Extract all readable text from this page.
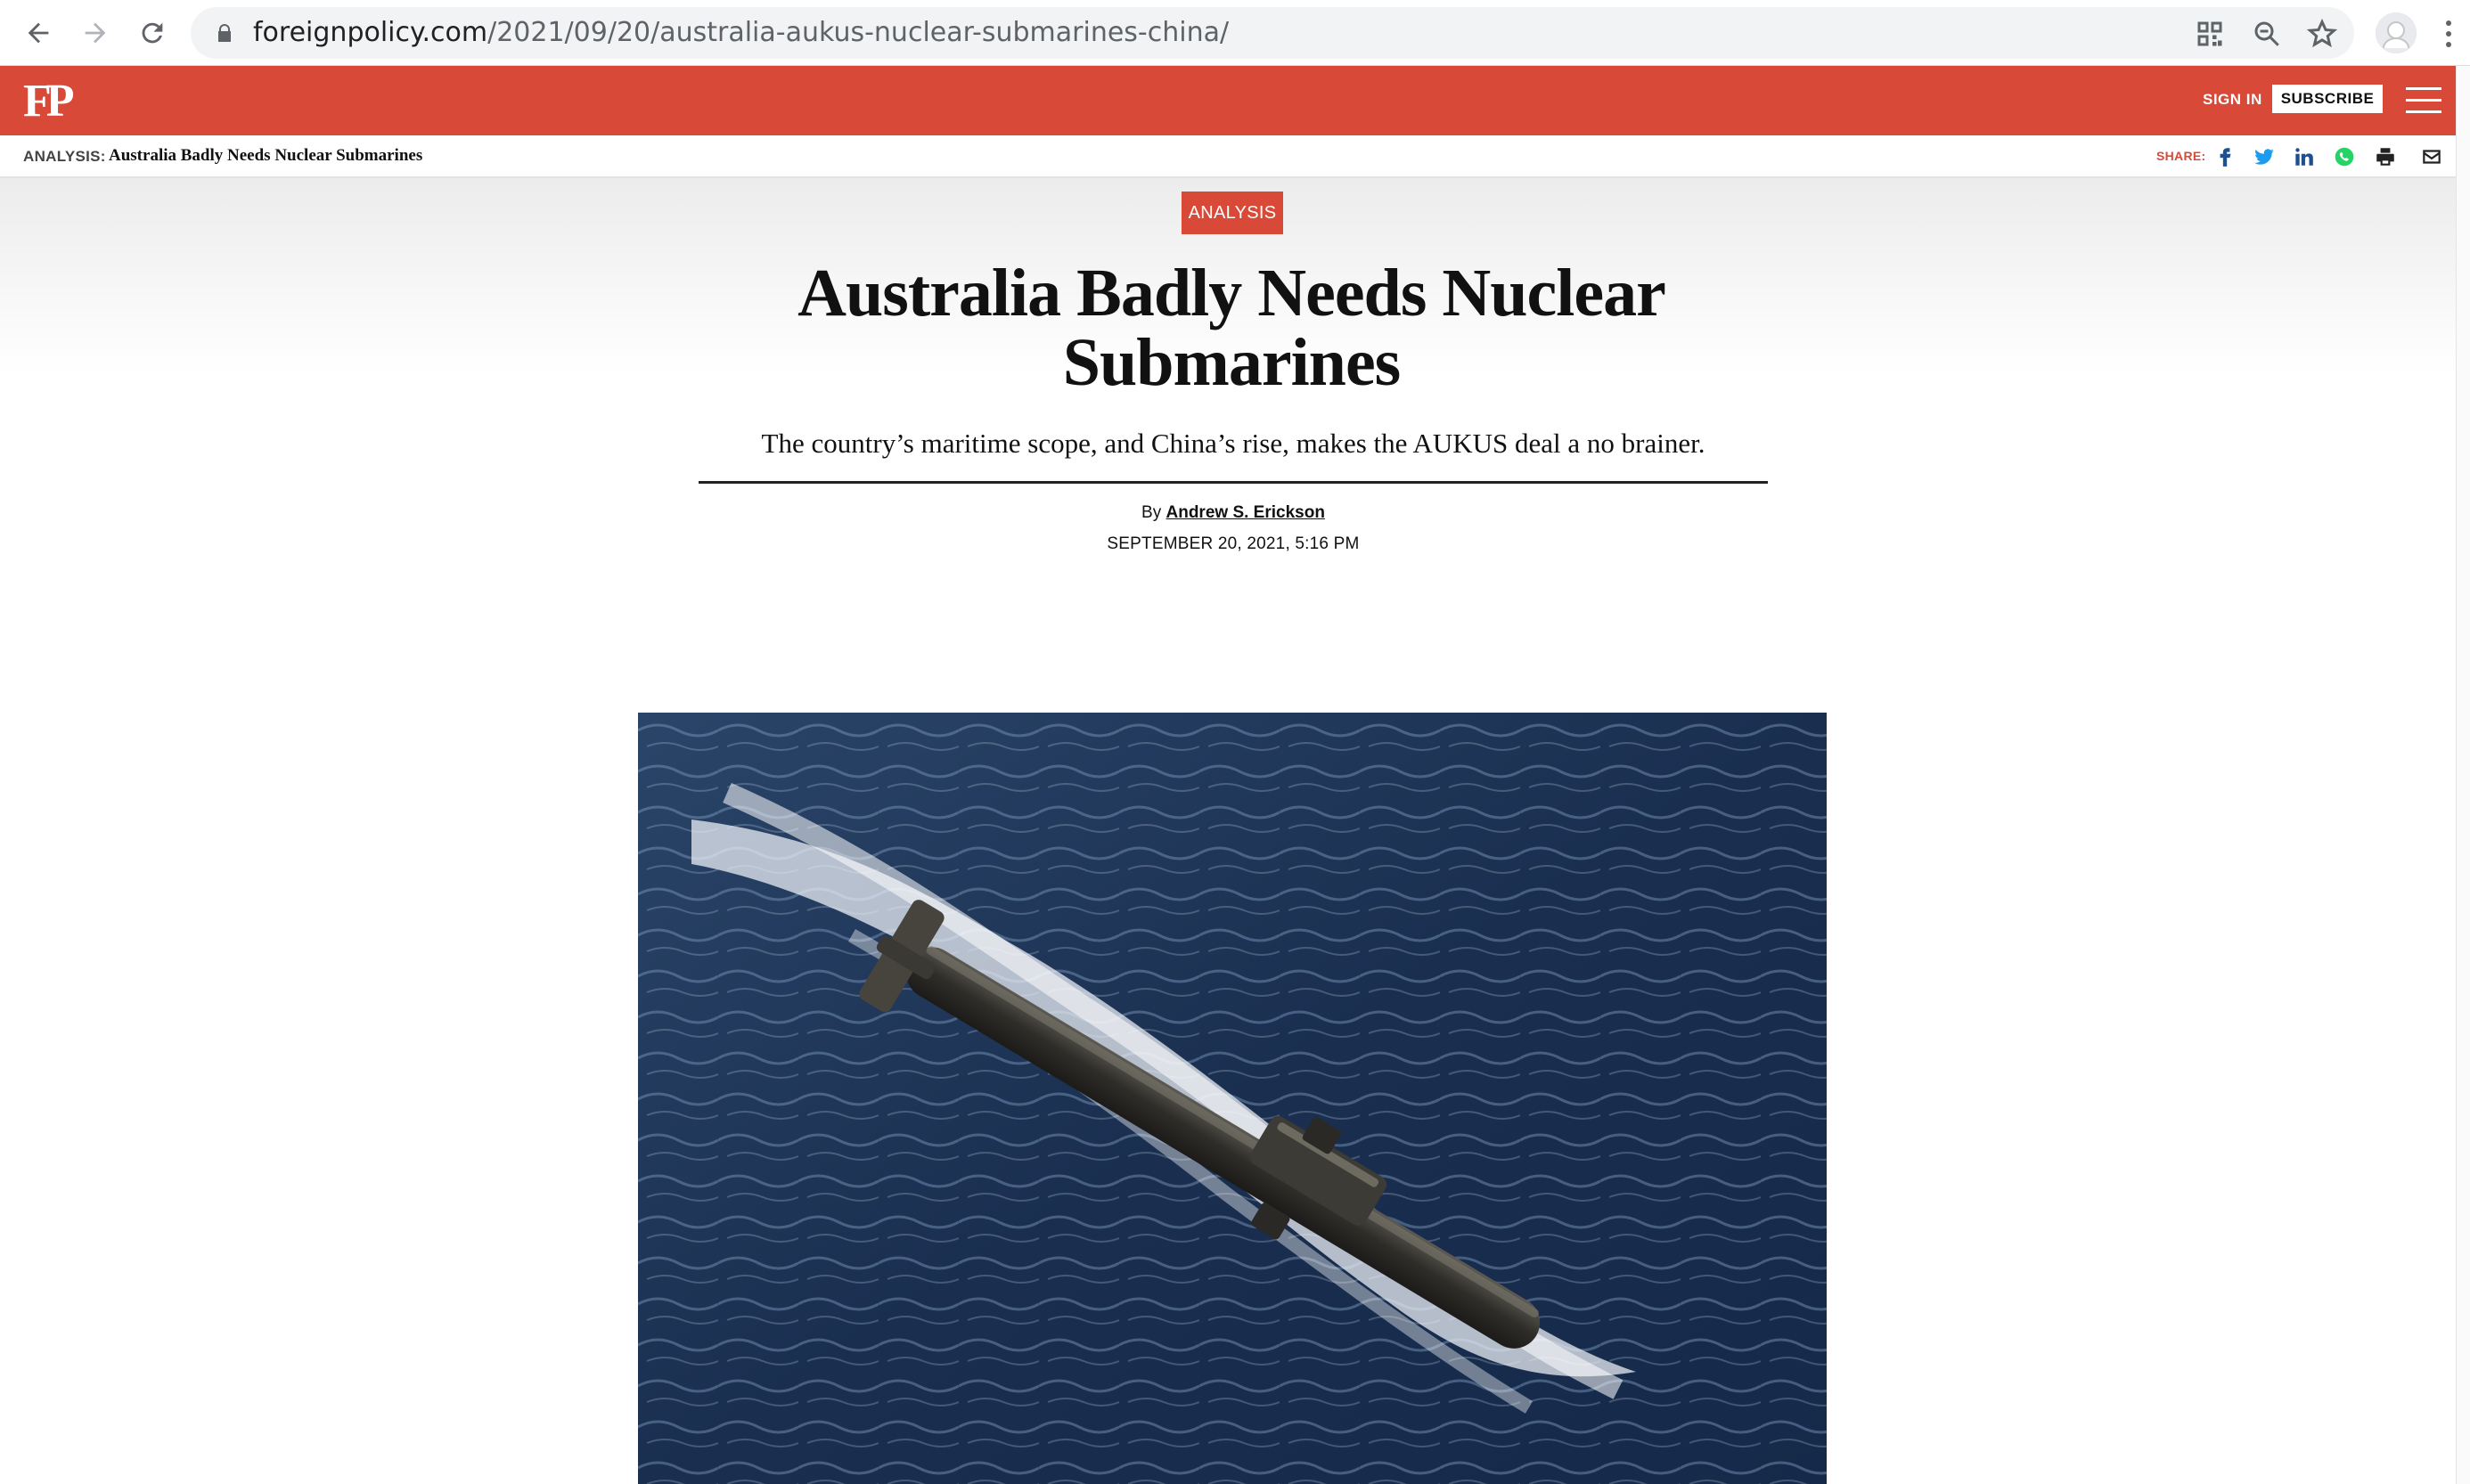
foreignpolicy.com/2021/09/20/australia-aukus-nuclear-submarines-china/
FP	SIGN IN	SUBSCRIBE
ANALYSIS: Australia Badly Needs Nuclear Submarines	SHARE:
ANALYSIS
Australia Badly Needs Nuclear
Submarines
The country’s maritime scope, and China’s rise, makes the AUKUS deal a no brainer.
By Andrew S. Erickson
SEPTEMBER 20, 2021, 5:16 PM
